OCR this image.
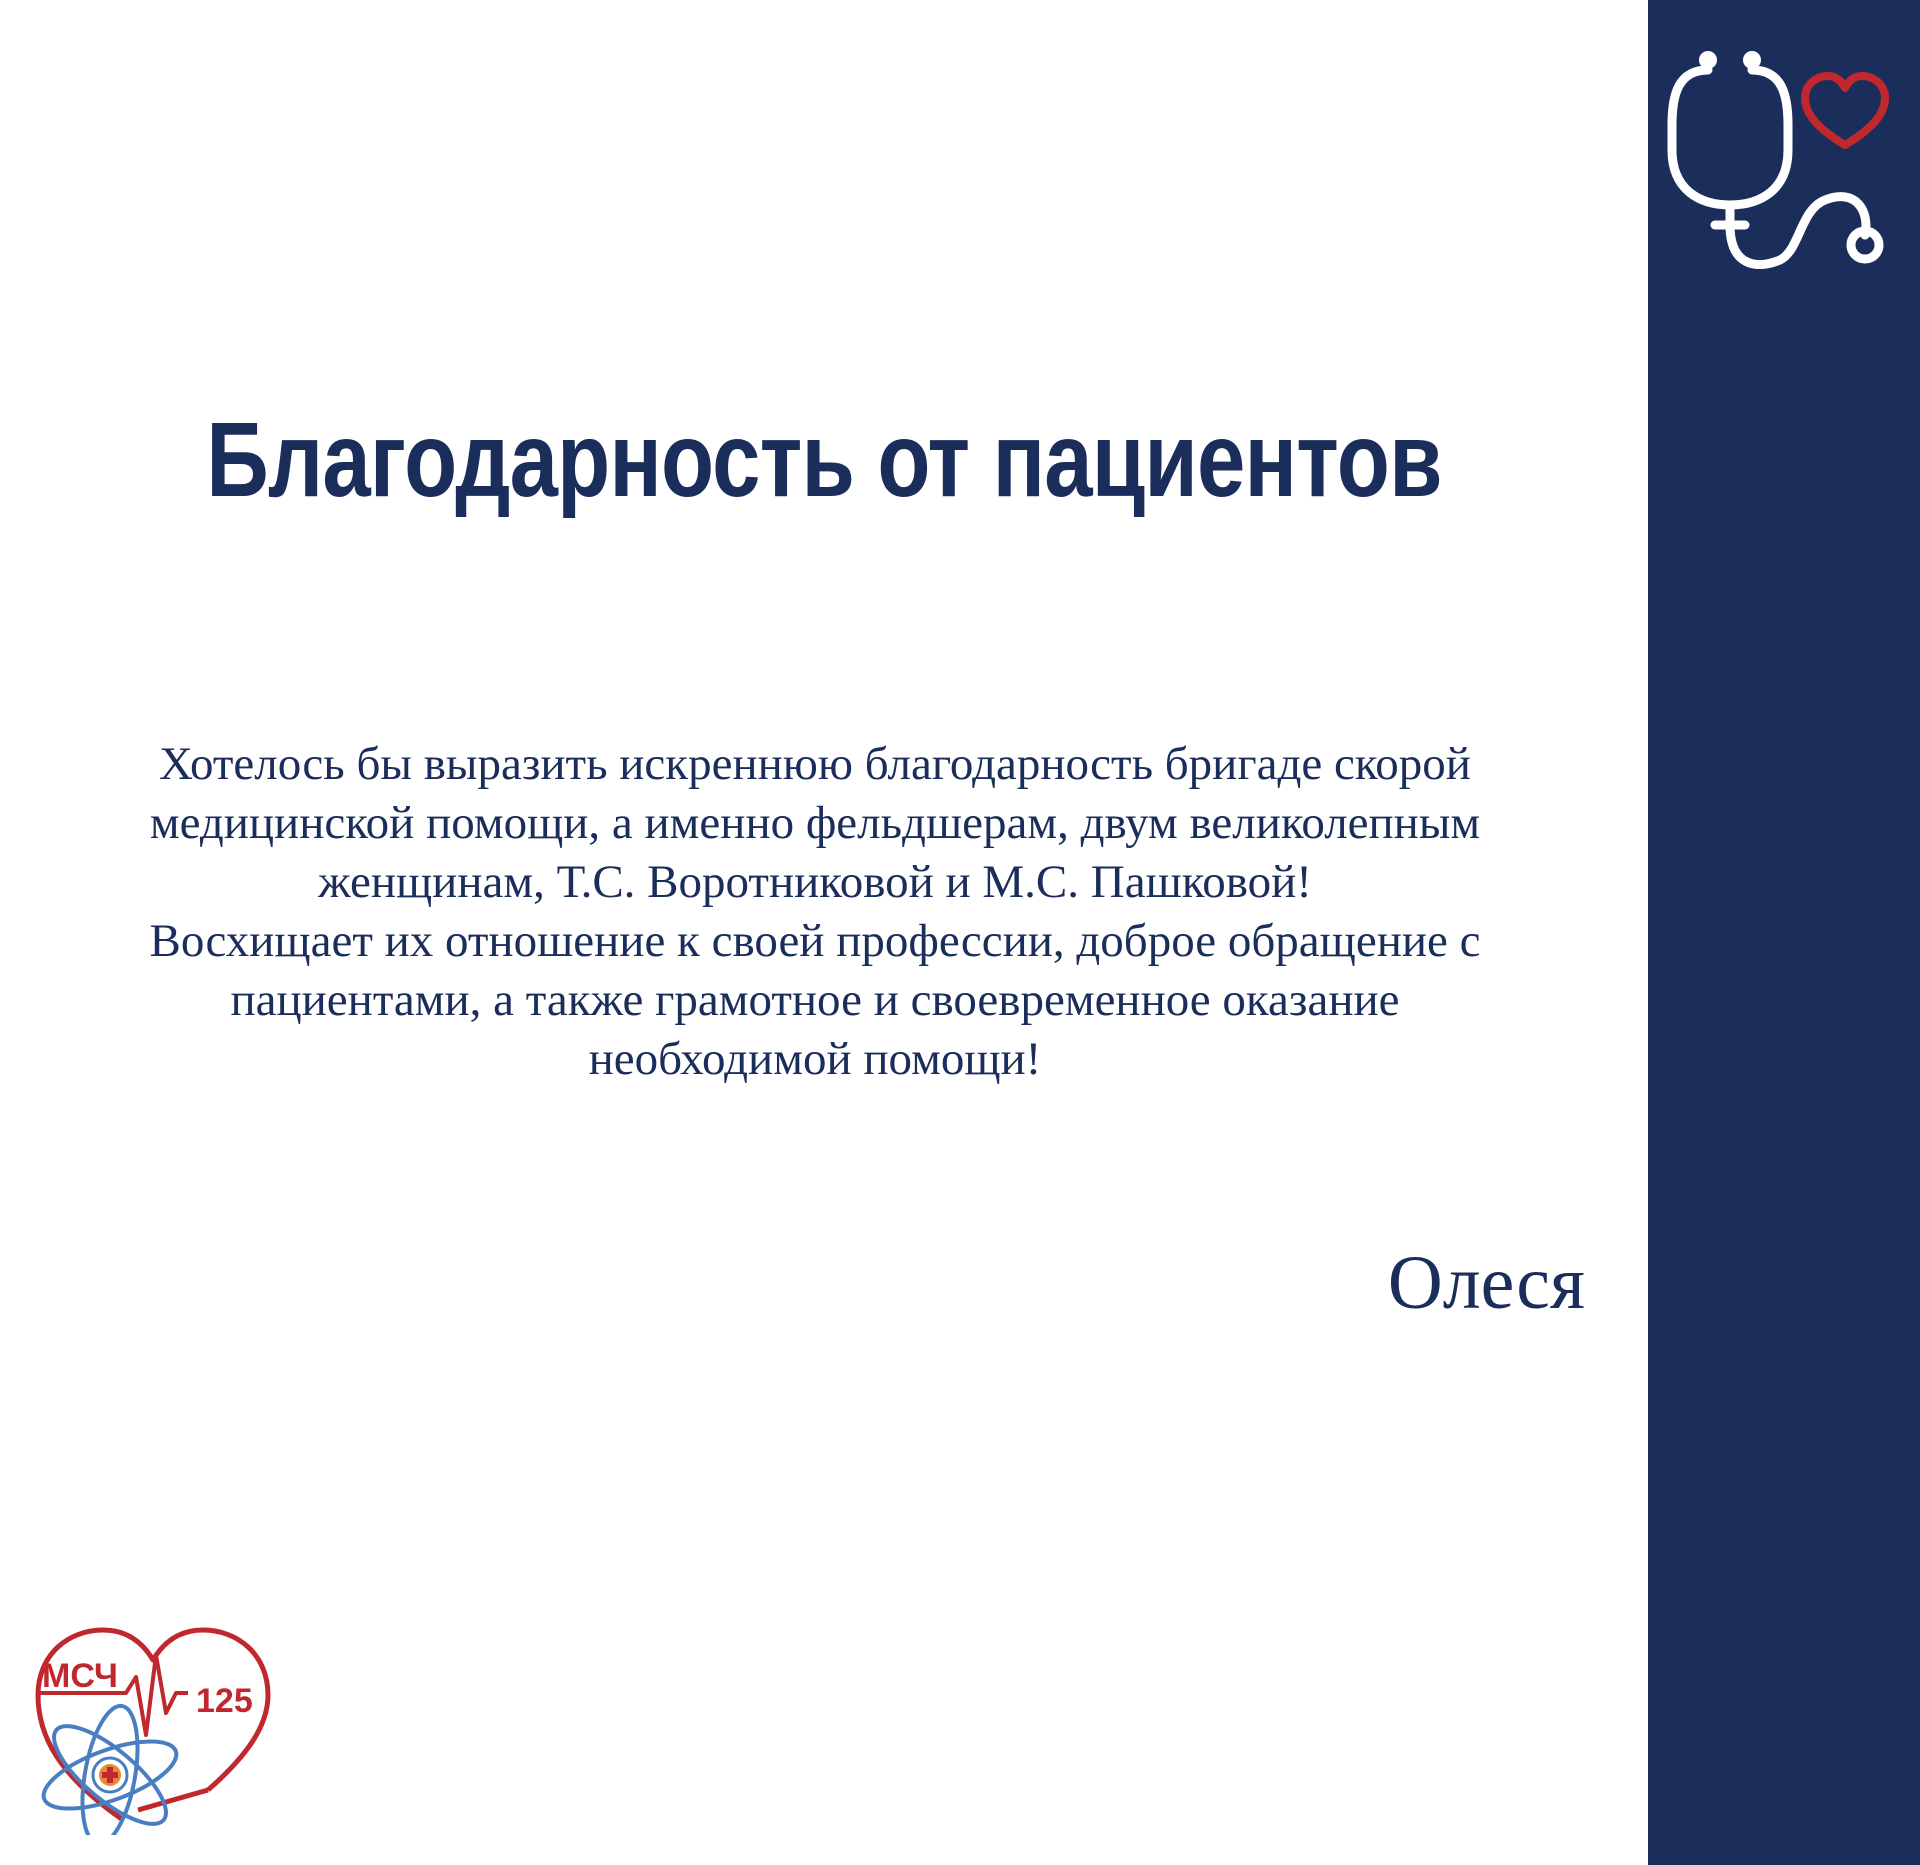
Благодарность от пациентов
Хотелось бы выразить искреннюю благодарность бригаде скорой
медицинской помощи, а именно фельдшерам, двум великолепным
женщинам, Т.С. Воротниковой и М.С. Пашковой!
Восхищает их отношение к своей профессии, доброе обращение с
пациентами, а также грамотное и своевременное оказание
необходимой помощи!

Олеся

МСЧ
125
